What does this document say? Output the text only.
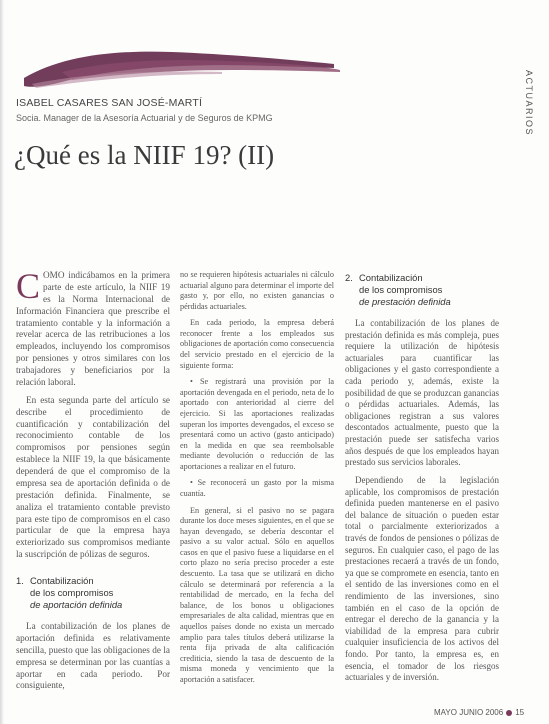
ISABEL CASARES SAN JOSÉ-MARTÍ
Socia. Manager de la Asesoría Actuarial y de Seguros de KPMG
¿Qué es la NIIF 19? (II)
ACTUARIOS

COMO indicábamos en la primera parte de este artículo, la NIIF 19 es la Norma Internacional de Información Financiera que prescribe el tratamiento contable y la información a revelar acerca de las retribuciones a los empleados, incluyendo los compromisos por pensiones y otros similares con los trabajadores y beneficiarios por la relación laboral.

En esta segunda parte del artículo se describe el procedimiento de cuantificación y contabilización del reconocimiento contable de los compromisos por pensiones según establece la NIIF 19, la que básicamente dependerá de que el compromiso de la empresa sea de aportación definida o de prestación definida. Finalmente, se analiza el tratamiento contable previsto para este tipo de compromisos en el caso particular de que la empresa haya exteriorizado sus compromisos mediante la suscripción de pólizas de seguros.

1. Contabilización
de los compromisos
de aportación definida

La contabilización de los planes de aportación definida es relativamente sencilla, puesto que las obligaciones de la empresa se determinan por las cuantías a aportar en cada periodo. Por consiguiente,

no se requieren hipótesis actuariales ni cálculo actuarial alguno para determinar el importe del gasto y, por ello, no existen ganancias o pérdidas actuariales.

En cada periodo, la empresa deberá reconocer frente a los empleados sus obligaciones de aportación como consecuencia del servicio prestado en el ejercicio de la siguiente forma:

• Se registrará una provisión por la aportación devengada en el periodo, neta de lo aportado con anterioridad al cierre del ejercicio. Si las aportaciones realizadas superan los importes devengados, el exceso se presentará como un activo (gasto anticipado) en la medida en que sea reembolsable mediante devolución o reducción de las aportaciones a realizar en el futuro.

• Se reconocerá un gasto por la misma cuantía.

En general, si el pasivo no se pagara durante los doce meses siguientes, en el que se hayan devengado, se debería descontar el pasivo a su valor actual. Sólo en aquellos casos en que el pasivo fuese a liquidarse en el corto plazo no sería preciso proceder a este descuento. La tasa que se utilizará en dicho cálculo se determinará por referencia a la rentabilidad de mercado, en la fecha del balance, de los bonos u obligaciones empresariales de alta calidad, mientras que en aquellos países donde no exista un mercado amplio para tales títulos deberá utilizarse la renta fija privada de alta calificación crediticia, siendo la tasa de descuento de la misma moneda y vencimiento que la aportación a satisfacer.

2. Contabilización
de los compromisos
de prestación definida

La contabilización de los planes de prestación definida es más compleja, pues requiere la utilización de hipótesis actuariales para cuantificar las obligaciones y el gasto correspondiente a cada periodo y, además, existe la posibilidad de que se produzcan ganancias o pérdidas actuariales. Además, las obligaciones registran a sus valores descontados actualmente, puesto que la prestación puede ser satisfecha varios años después de que los empleados hayan prestado sus servicios laborales.

Dependiendo de la legislación aplicable, los compromisos de prestación definida pueden mantenerse en el pasivo del balance de situación o pueden estar total o parcialmente exteriorizados a través de fondos de pensiones o pólizas de seguros. En cualquier caso, el pago de las prestaciones recaerá a través de un fondo, ya que se compromete en esencia, tanto en el sentido de las inversiones como en el rendimiento de las inversiones, sino también en el caso de la opción de entregar el derecho de la ganancia y la viabilidad de la empresa para cubrir cualquier insuficiencia de los activos del fondo. Por tanto, la empresa es, en esencia, el tomador de los riesgos actuariales y de inversión.

MAYO JUNIO 2006 15
